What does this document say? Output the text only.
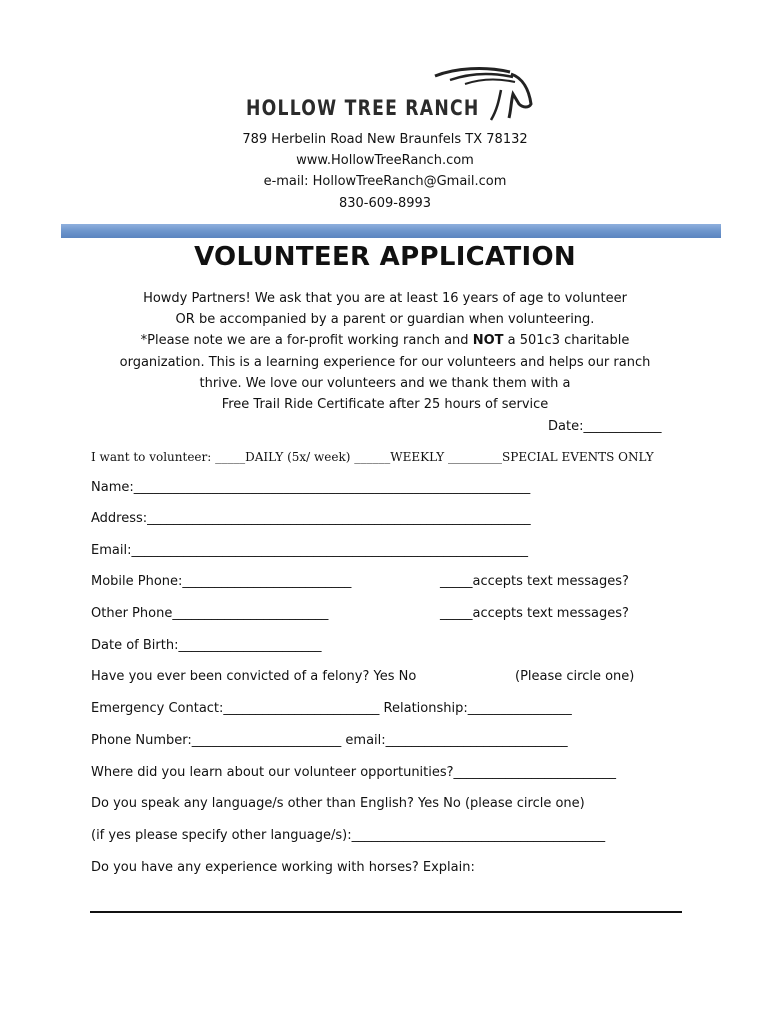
HOLLOW TREE RANCH
789 Herbelin Road New Braunfels TX 78132
www.HollowTreeRanch.com
e-mail: HollowTreeRanch@Gmail.com
830-609-8993
VOLUNTEER APPLICATION
Howdy Partners! We ask that you are at least 16 years of age to volunteer
OR be accompanied by a parent or guardian when volunteering.
*Please note we are a for-profit working ranch and NOT a 501c3 charitable
organization. This is a learning experience for our volunteers and helps our ranch
thrive. We love our volunteers and we thank them with a
Free Trail Ride Certificate after 25 hours of service
Date:____________
I want to volunteer: _____DAILY (5x/ week) ______WEEKLY _________SPECIAL EVENTS ONLY
Name:_____________________________________________________________
Address:___________________________________________________________
Email:_____________________________________________________________
Mobile Phone:__________________________	_____accepts text messages?
Other Phone________________________	_____accepts text messages?
Date of Birth:______________________
Have you ever been convicted of a felony? Yes No	(Please circle one)
Emergency Contact:________________________ Relationship:________________
Phone Number:_______________________ email:____________________________
Where did you learn about our volunteer opportunities?_________________________
Do you speak any language/s other than English? Yes No (please circle one)
(if yes please specify other language/s):_______________________________________
Do you have any experience working with horses? Explain:
